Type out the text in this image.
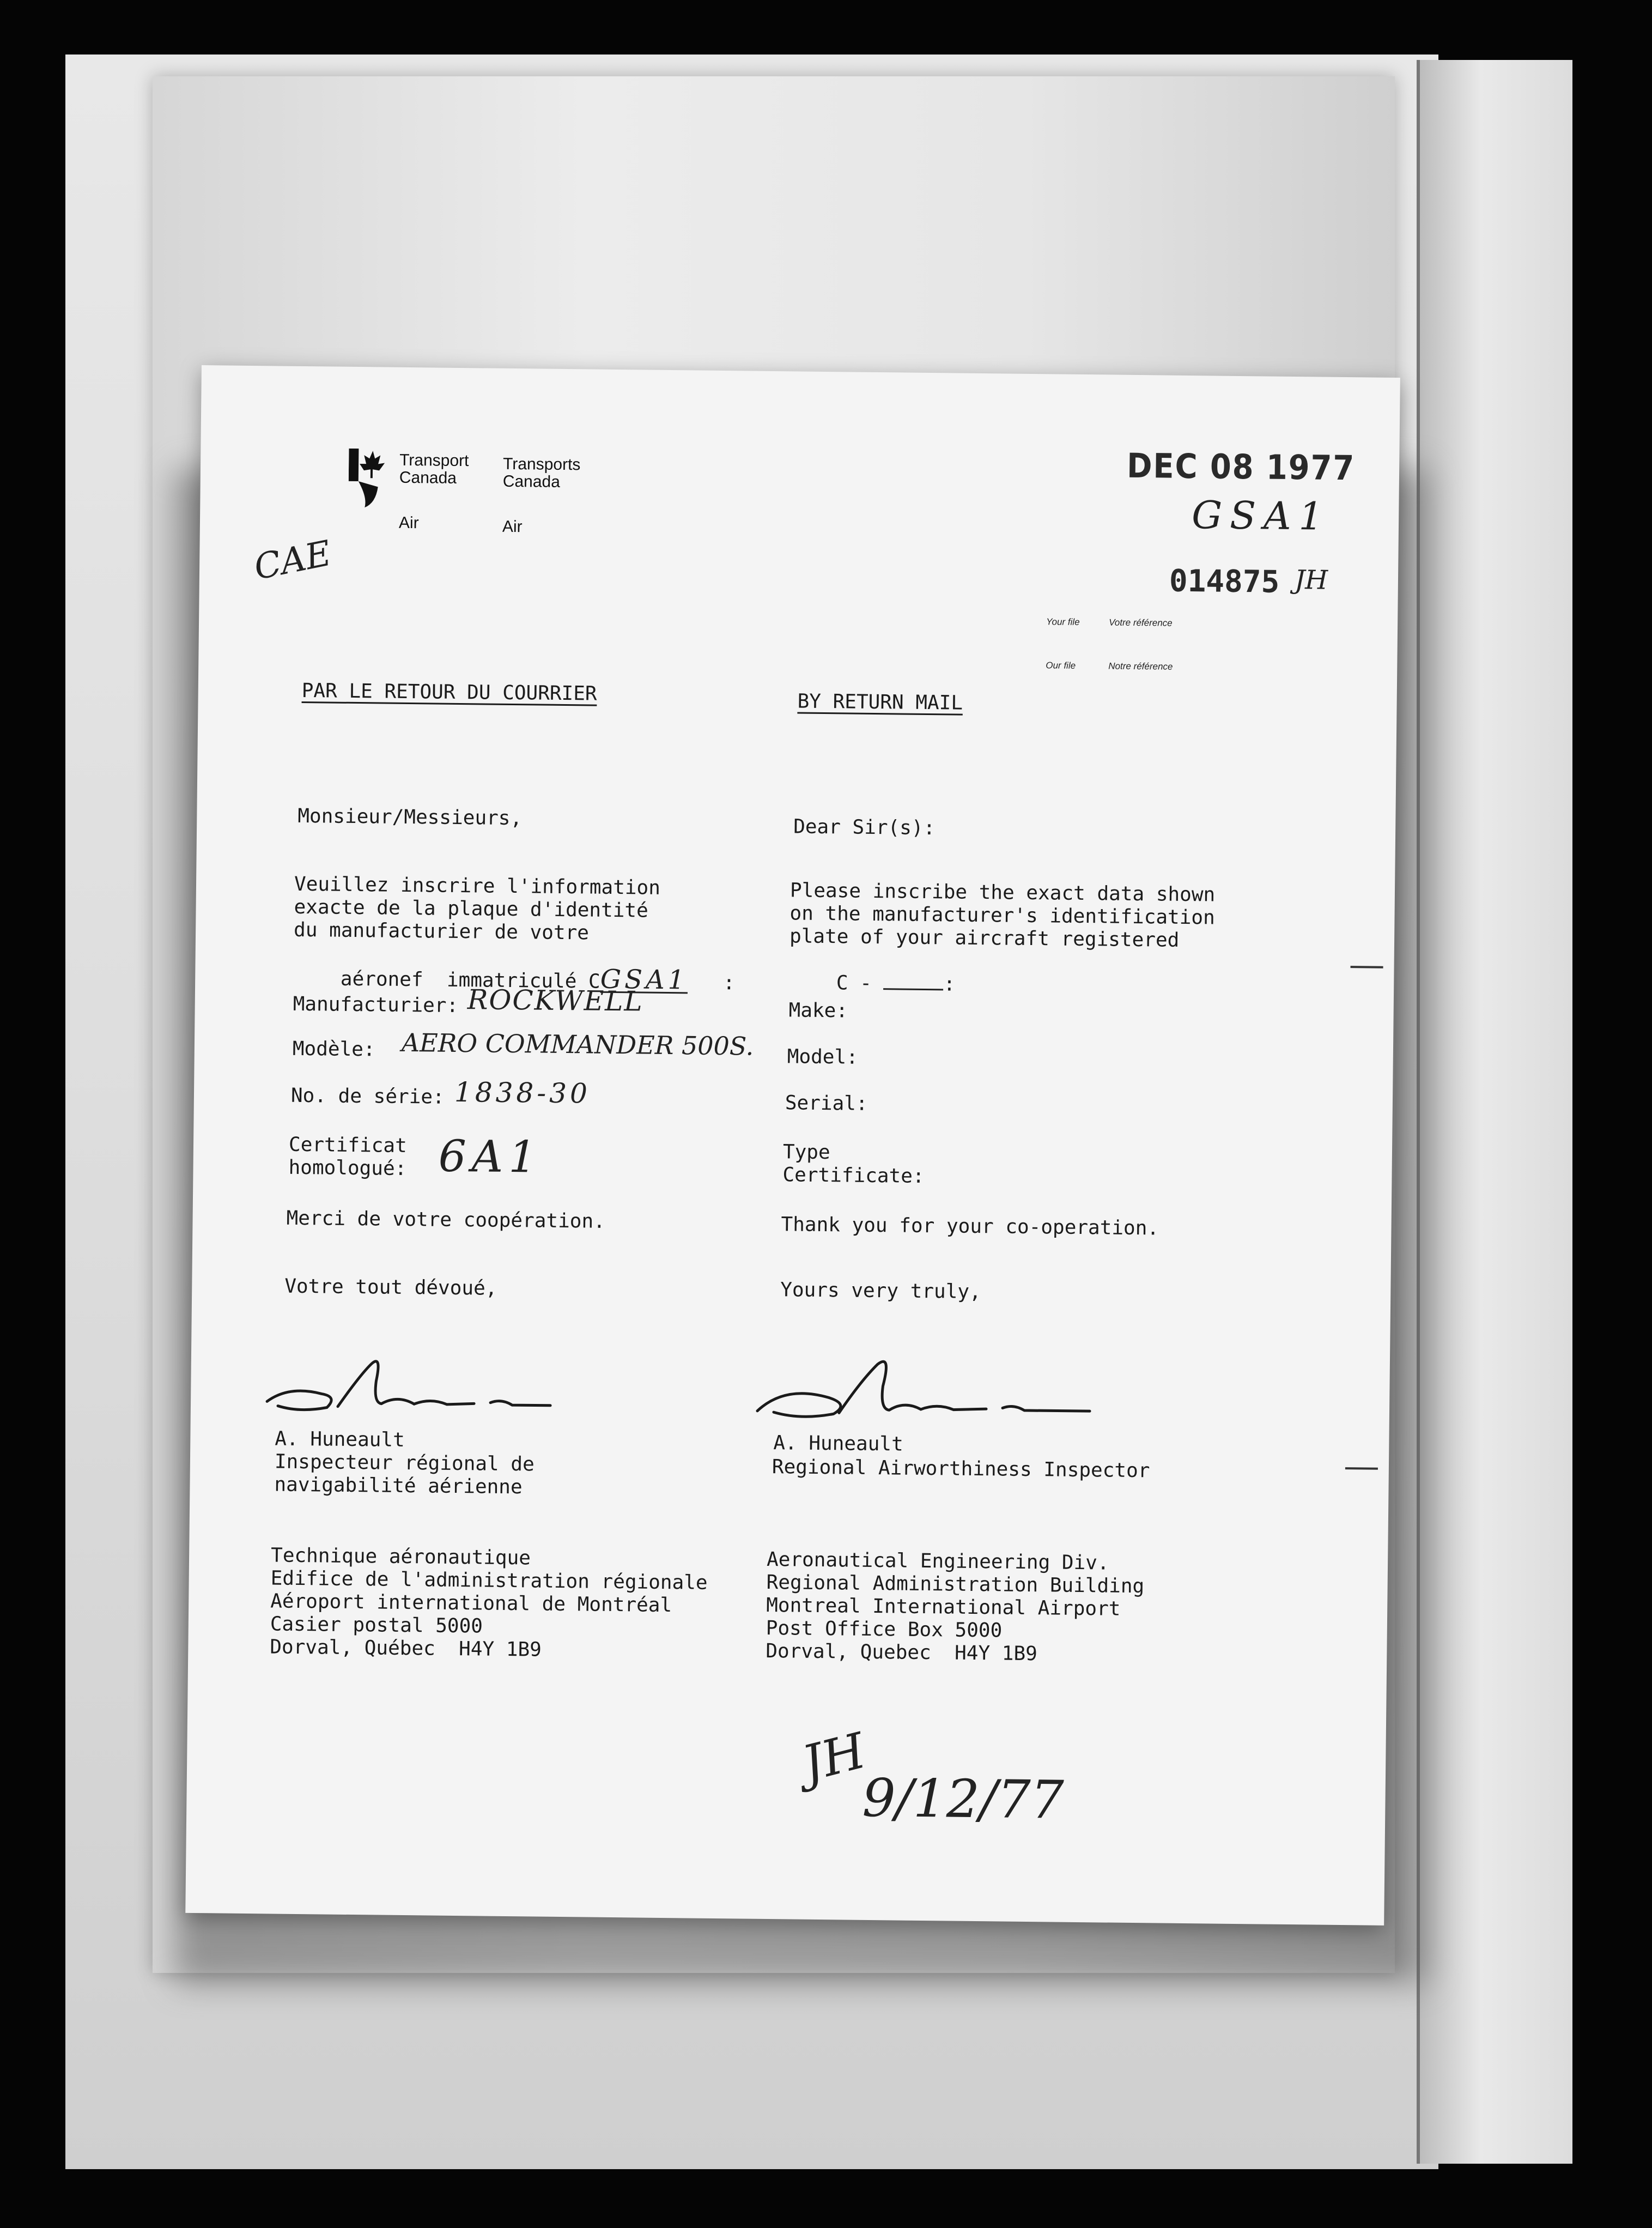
Transport
Canada
Transports
Canada
Air	Air
DEC 08 1977
GSA1
014875 JH
CAE
Your file	Votre référence
Our file	Notre référence
PAR LE RETOUR DU COURRIER	BY RETURN MAIL
Monsieur/Messieurs,
Veuillez inscrire l'information
exacte de la plaque d'identité
du manufacturier de votre

aéronef  immatriculé CGSA1 :

Manufacturier: ROCKWELL
Modèle: AERO COMMANDER 500S.
No. de série: 1838-30
Certificat
homologué: 6A1
Merci de votre coopération.
Votre tout dévoué,
A. Huneault
Inspecteur régional de
navigabilité aérienne
Technique aéronautique
Edifice de l'administration régionale
Aéroport international de Montréal
Casier postal 5000
Dorval, Québec  H4Y 1B9
Dear Sir(s):
Please inscribe the exact data shown
on the manufacturer's identification
plate of your aircraft registered

C -	:

Make:
Model:
Serial:
Type
Certificate:
Thank you for your co-operation.
Yours very truly,
A. Huneault
Regional Airworthiness Inspector
Aeronautical Engineering Div.
Regional Administration Building
Montreal International Airport
Post Office Box 5000
Dorval, Quebec  H4Y 1B9
JH
9/12/77
